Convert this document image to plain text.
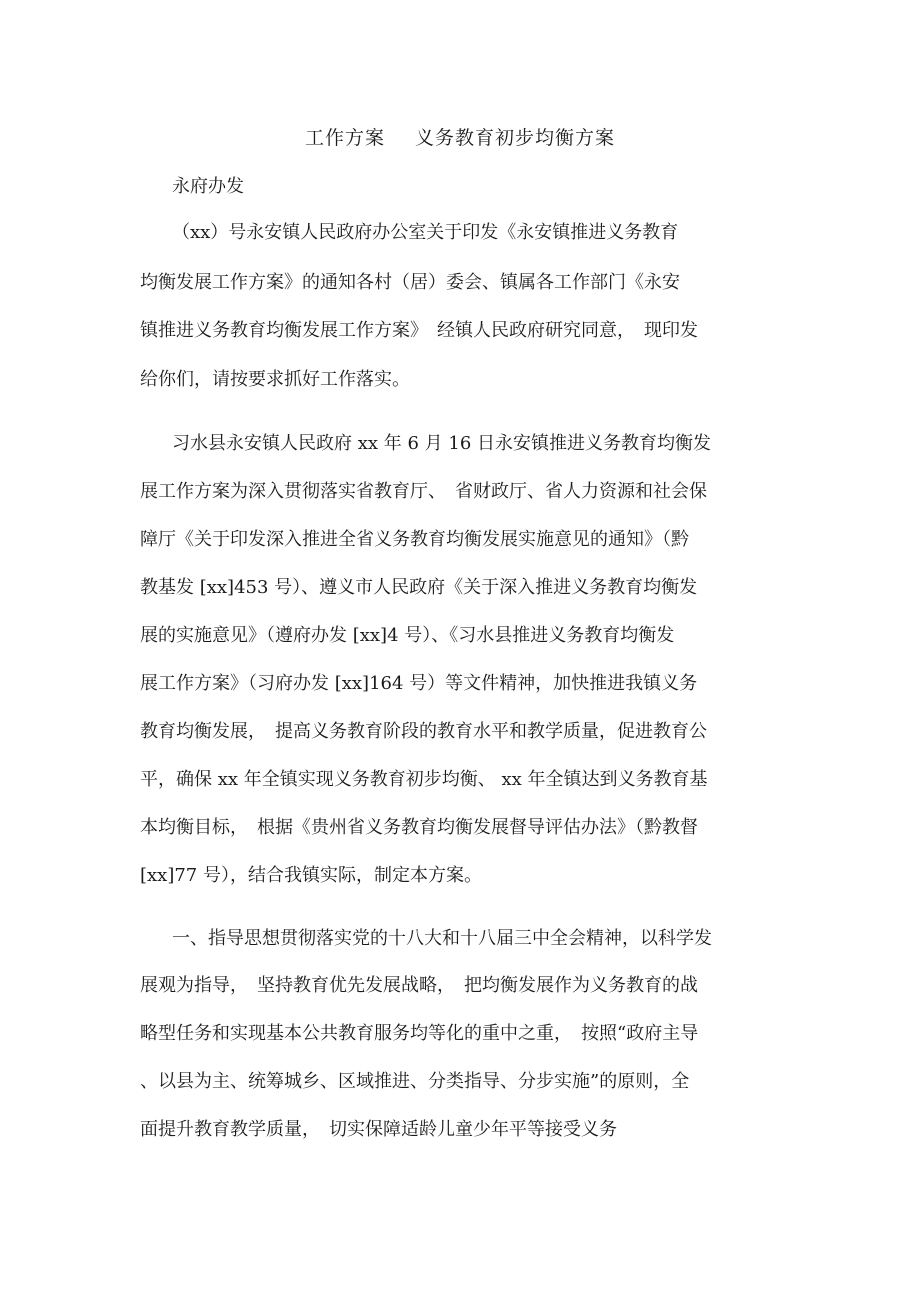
工作方案 义务教育初步均衡方案
永府办发
（xx）号永安镇人民政府办公室关于印发《永安镇推进义务教育
均衡发展工作方案》的通知各村（居）委会、镇属各工作部门《永安
镇推进义务教育均衡发展工作方案》　经镇人民政府研究同意，　现印发
给你们，请按要求抓好工作落实。
习水县永安镇人民政府 xx 年 6 月 16 日永安镇推进义务教育均衡发
展工作方案为深入贯彻落实省教育厅、　省财政厅、省人力资源和社会保
障厅《关于印发深入推进全省义务教育均衡发展实施意见的通知》（黔
教基发 [xx]453 号）、遵义市人民政府《关于深入推进义务教育均衡发
展的实施意见》（遵府办发 [xx]4 号）、《习水县推进义务教育均衡发
展工作方案》（习府办发 [xx]164 号）等文件精神，加快推进我镇义务
教育均衡发展，　提高义务教育阶段的教育水平和教学质量，促进教育公
平，确保 xx 年全镇实现义务教育初步均衡、 xx 年全镇达到义务教育基
本均衡目标，　根据《贵州省义务教育均衡发展督导评估办法》（黔教督
[xx]77 号），结合我镇实际，制定本方案。
一、指导思想贯彻落实党的十八大和十八届三中全会精神，以科学发
展观为指导，　坚持教育优先发展战略，　把均衡发展作为义务教育的战
略型任务和实现基本公共教育服务均等化的重中之重，　按照“政府主导
、以县为主、统筹城乡、区域推进、分类指导、分步实施”的原则，全
面提升教育教学质量，　切实保障适龄儿童少年平等接受义务
